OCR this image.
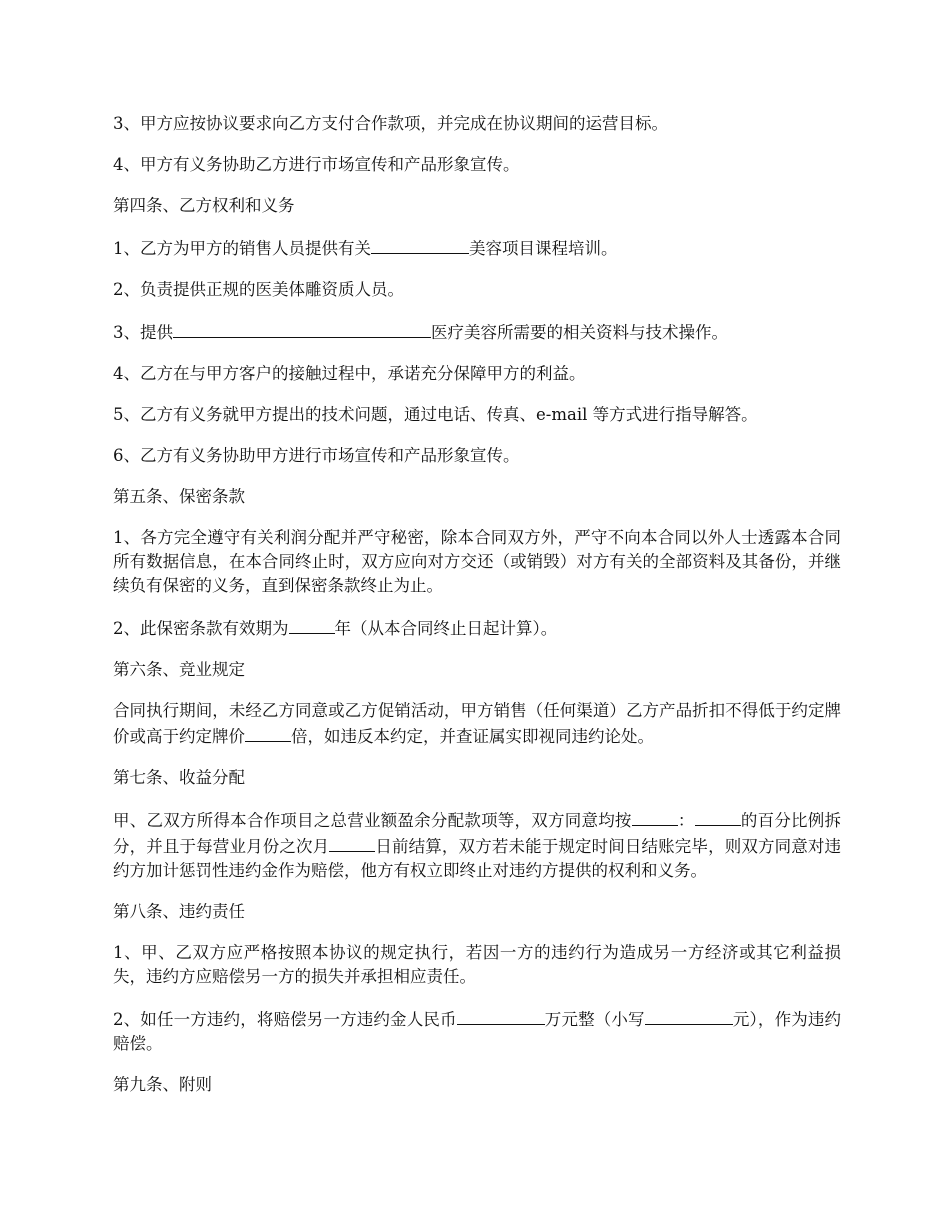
3、甲方应按协议要求向乙方支付合作款项，并完成在协议期间的运营目标。

4、甲方有义务协助乙方进行市场宣传和产品形象宣传。

第四条、乙方权利和义务

1、乙方为甲方的销售人员提供有关	美容项目课程培训。

2、负责提供正规的医美体雕资质人员。

3、提供	医疗美容所需要的相关资料与技术操作。

4、乙方在与甲方客户的接触过程中，承诺充分保障甲方的利益。

5、乙方有义务就甲方提出的技术问题，通过电话、传真、e-mail 等方式进行指导解答。

6、乙方有义务协助甲方进行市场宣传和产品形象宣传。

第五条、保密条款

1、各方完全遵守有关利润分配并严守秘密，除本合同双方外，严守不向本合同以外人士透露本合同所有数据信息，在本合同终止时，双方应向对方交还（或销毁）对方有关的全部资料及其备份，并继续负有保密的义务，直到保密条款终止为止。

2、此保密条款有效期为	年（从本合同终止日起计算）。

第六条、竞业规定

合同执行期间，未经乙方同意或乙方促销活动，甲方销售（任何渠道）乙方产品折扣不得低于约定牌价或高于约定牌价	倍，如违反本约定，并查证属实即视同违约论处。

第七条、收益分配

甲、乙双方所得本合作项目之总营业额盈余分配款项等，双方同意均按	：	的百分比例拆分，并且于每营业月份之次月	日前结算，双方若未能于规定时间日结账完毕，则双方同意对违约方加计惩罚性违约金作为赔偿，他方有权立即终止对违约方提供的权利和义务。

第八条、违约责任

1、甲、乙双方应严格按照本协议的规定执行，若因一方的违约行为造成另一方经济或其它利益损失，违约方应赔偿另一方的损失并承担相应责任。

2、如任一方违约，将赔偿另一方违约金人民币	万元整（小写	元），作为违约赔偿。

第九条、附则
